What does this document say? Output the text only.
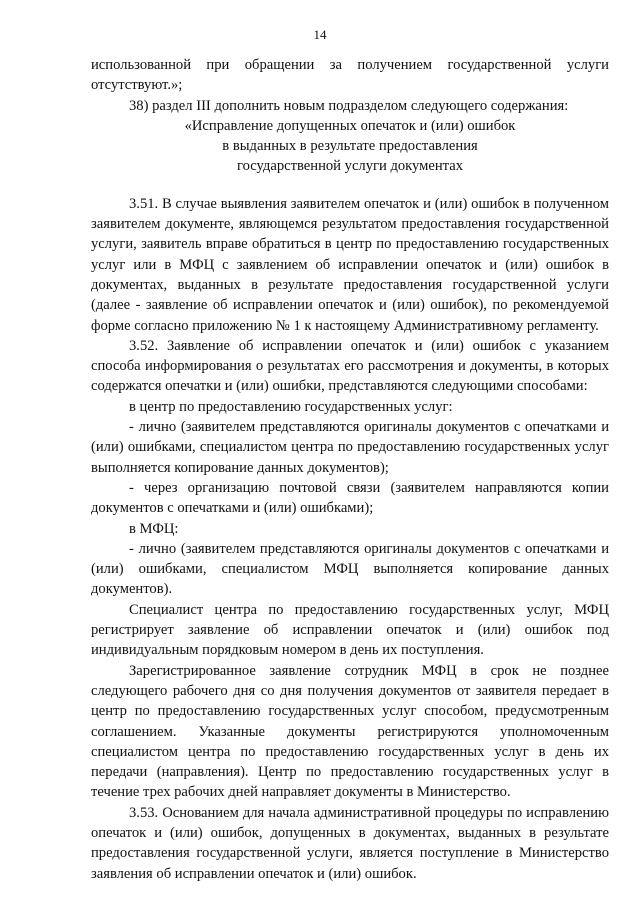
14

использованной при обращении за получением государственной услуги отсутствуют.»;

38) раздел III дополнить новым подразделом следующего содержания:

«Исправление допущенных опечаток и (или) ошибок

в выданных в результате предоставления

государственной услуги документах

3.51. В случае выявления заявителем опечаток и (или) ошибок в полученном заявителем документе, являющемся результатом предоставления государственной услуги, заявитель вправе обратиться в центр по предоставлению государственных услуг или в МФЦ с заявлением об исправлении опечаток и (или) ошибок в документах, выданных в результате предоставления государственной услуги (далее - заявление об исправлении опечаток и (или) ошибок), по рекомендуемой форме согласно приложению № 1 к настоящему Административному регламенту.

3.52. Заявление об исправлении опечаток и (или) ошибок с указанием способа информирования о результатах его рассмотрения и документы, в которых содержатся опечатки и (или) ошибки, представляются следующими способами:

в центр по предоставлению государственных услуг:

- лично (заявителем представляются оригиналы документов с опечатками и (или) ошибками, специалистом центра по предоставлению государственных услуг выполняется копирование данных документов);

- через организацию почтовой связи (заявителем направляются копии документов с опечатками и (или) ошибками);

в МФЦ:

- лично (заявителем представляются оригиналы документов с опечатками и (или) ошибками, специалистом МФЦ выполняется копирование данных документов).

Специалист центра по предоставлению государственных услуг, МФЦ регистрирует заявление об исправлении опечаток и (или) ошибок под индивидуальным порядковым номером в день их поступления.

Зарегистрированное заявление сотрудник МФЦ в срок не позднее следующего рабочего дня со дня получения документов от заявителя передает в центр по предоставлению государственных услуг способом, предусмотренным соглашением. Указанные документы регистрируются уполномоченным специалистом центра по предоставлению государственных услуг в день их передачи (направления). Центр по предоставлению государственных услуг в течение трех рабочих дней направляет документы в Министерство.

3.53. Основанием для начала административной процедуры по исправлению опечаток и (или) ошибок, допущенных в документах, выданных в результате предоставления государственной услуги, является поступление в Министерство заявления об исправлении опечаток и (или) ошибок.
